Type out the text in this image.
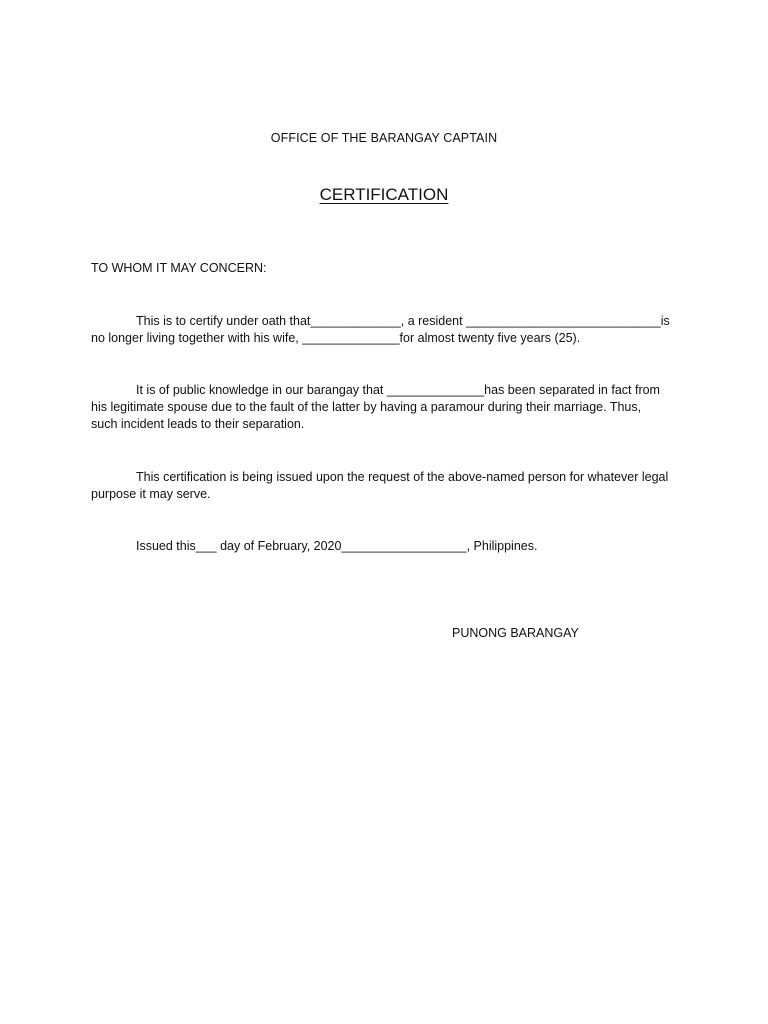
OFFICE OF THE BARANGAY CAPTAIN
CERTIFICATION
TO WHOM IT MAY CONCERN:
This is to certify under oath that_____________, a resident ____________________________is
no longer living together with his wife, ______________for almost twenty five years (25).
It is of public knowledge in our barangay that ______________has been separated in fact from
his legitimate spouse due to the fault of the latter by having a paramour during their marriage. Thus,
such incident leads to their separation.
This certification is being issued upon the request of the above-named person for whatever legal
purpose it may serve.
Issued this___ day of February, 2020__________________, Philippines.
PUNONG BARANGAY
